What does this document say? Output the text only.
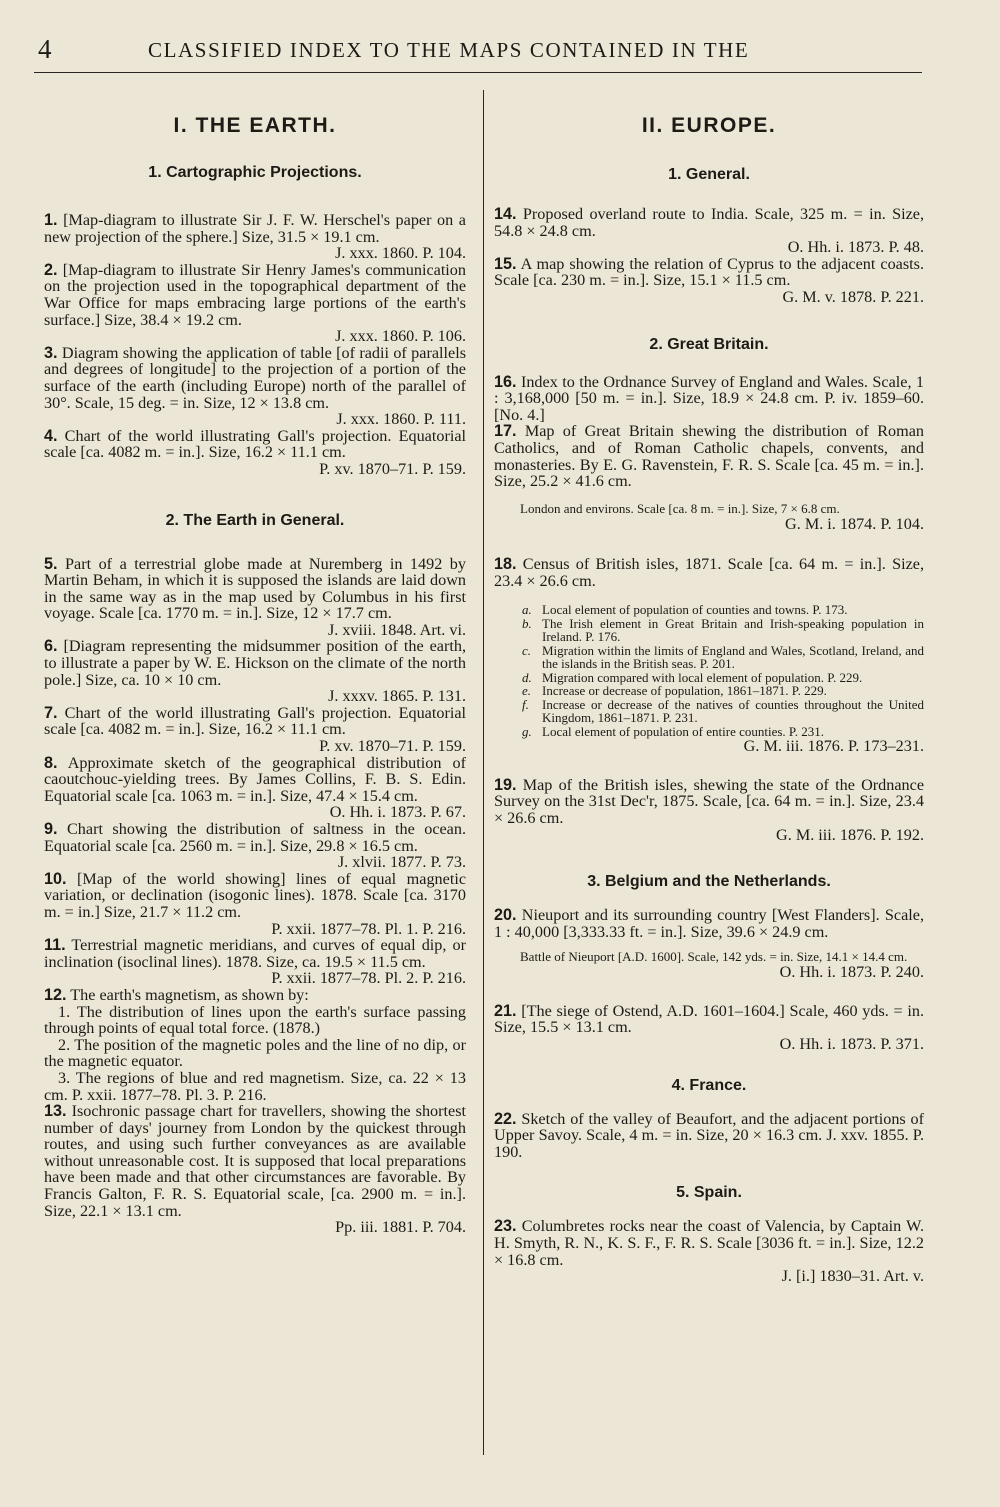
4	CLASSIFIED INDEX TO THE MAPS CONTAINED IN THE
I. THE EARTH.
1. Cartographic Projections.

1. [Map-diagram to illustrate Sir J. F. W. Herschel's paper on a new projection of the sphere.] Size, 31.5 × 19.1 cm.

J. xxx. 1860. P. 104.

2. [Map-diagram to illustrate Sir Henry James's communication on the projection used in the topographical department of the War Office for maps embracing large portions of the earth's surface.] Size, 38.4 × 19.2 cm.

J. xxx. 1860. P. 106.

3. Diagram showing the application of table [of radii of parallels and degrees of longitude] to the projection of a portion of the surface of the earth (including Europe) north of the parallel of 30°. Scale, 15 deg. = in. Size, 12 × 13.8 cm.

J. xxx. 1860. P. 111.

4. Chart of the world illustrating Gall's projection. Equatorial scale [ca. 4082 m. = in.]. Size, 16.2 × 11.1 cm.

P. xv. 1870–71. P. 159.
2. The Earth in General.

5. Part of a terrestrial globe made at Nuremberg in 1492 by Martin Beham, in which it is supposed the islands are laid down in the same way as in the map used by Columbus in his first voyage. Scale [ca. 1770 m. = in.]. Size, 12 × 17.7 cm.

J. xviii. 1848. Art. vi.

6. [Diagram representing the midsummer position of the earth, to illustrate a paper by W. E. Hickson on the climate of the north pole.] Size, ca. 10 × 10 cm.

J. xxxv. 1865. P. 131.

7. Chart of the world illustrating Gall's projection. Equatorial scale [ca. 4082 m. = in.]. Size, 16.2 × 11.1 cm.

P. xv. 1870–71. P. 159.

8. Approximate sketch of the geographical distribution of caoutchouc-yielding trees. By James Collins, F. B. S. Edin. Equatorial scale [ca. 1063 m. = in.]. Size, 47.4 × 15.4 cm.

O. Hh. i. 1873. P. 67.

9. Chart showing the distribution of saltness in the ocean. Equatorial scale [ca. 2560 m. = in.]. Size, 29.8 × 16.5 cm.

J. xlvii. 1877. P. 73.

10. [Map of the world showing] lines of equal magnetic variation, or declination (isogonic lines). 1878. Scale [ca. 3170 m. = in.] Size, 21.7 × 11.2 cm.

P. xxii. 1877–78. Pl. 1. P. 216.

11. Terrestrial magnetic meridians, and curves of equal dip, or inclination (isoclinal lines). 1878. Size, ca. 19.5 × 11.5 cm.

P. xxii. 1877–78. Pl. 2. P. 216.

12. The earth's magnetism, as shown by:

1. The distribution of lines upon the earth's surface passing through points of equal total force. (1878.)

2. The position of the magnetic poles and the line of no dip, or the magnetic equator.

3. The regions of blue and red magnetism. Size, ca. 22 × 13 cm. P. xxii. 1877–78. Pl. 3. P. 216.

13. Isochronic passage chart for travellers, showing the shortest number of days' journey from London by the quickest through routes, and using such further conveyances as are available without unreasonable cost. It is supposed that local preparations have been made and that other circumstances are favorable. By Francis Galton, F. R. S. Equatorial scale, [ca. 2900 m. = in.]. Size, 22.1 × 13.1 cm.

Pp. iii. 1881. P. 704.
II. EUROPE.
1. General.

14. Proposed overland route to India. Scale, 325 m. = in. Size, 54.8 × 24.8 cm.

O. Hh. i. 1873. P. 48.

15. A map showing the relation of Cyprus to the adjacent coasts. Scale [ca. 230 m. = in.]. Size, 15.1 × 11.5 cm.

G. M. v. 1878. P. 221.
2. Great Britain.

16. Index to the Ordnance Survey of England and Wales. Scale, 1 : 3,168,000 [50 m. = in.]. Size, 18.9 × 24.8 cm. P. iv. 1859–60. [No. 4.]

17. Map of Great Britain shewing the distribution of Roman Catholics, and of Roman Catholic chapels, convents, and monasteries. By E. G. Ravenstein, F. R. S. Scale [ca. 45 m. = in.]. Size, 25.2 × 41.6 cm.

London and environs. Scale [ca. 8 m. = in.]. Size, 7 × 6.8 cm.

G. M. i. 1874. P. 104.

18. Census of British isles, 1871. Scale [ca. 64 m. = in.]. Size, 23.4 × 26.6 cm.

a. Local element of population of counties and towns. P. 173.
b. The Irish element in Great Britain and Irish-speaking population in Ireland. P. 176.
c. Migration within the limits of England and Wales, Scotland, Ireland, and the islands in the British seas. P. 201.
d. Migration compared with local element of population. P. 229.
e. Increase or decrease of population, 1861–1871. P. 229.
f. Increase or decrease of the natives of counties throughout the United Kingdom, 1861–1871. P. 231.
g. Local element of population of entire counties. P. 231.
G. M. iii. 1876. P. 173–231.

19. Map of the British isles, shewing the state of the Ordnance Survey on the 31st Dec'r, 1875. Scale, [ca. 64 m. = in.]. Size, 23.4 × 26.6 cm.

G. M. iii. 1876. P. 192.
3. Belgium and the Netherlands.

20. Nieuport and its surrounding country [West Flanders]. Scale, 1 : 40,000 [3,333.33 ft. = in.]. Size, 39.6 × 24.9 cm.

Battle of Nieuport [A.D. 1600]. Scale, 142 yds. = in. Size, 14.1 × 14.4 cm.

O. Hh. i. 1873. P. 240.

21. [The siege of Ostend, A.D. 1601–1604.] Scale, 460 yds. = in. Size, 15.5 × 13.1 cm.

O. Hh. i. 1873. P. 371.
4. France.

22. Sketch of the valley of Beaufort, and the adjacent portions of Upper Savoy. Scale, 4 m. = in. Size, 20 × 16.3 cm. J. xxv. 1855. P. 190.

5. Spain.

23. Columbretes rocks near the coast of Valencia, by Captain W. H. Smyth, R. N., K. S. F., F. R. S. Scale [3036 ft. = in.]. Size, 12.2 × 16.8 cm.

J. [i.] 1830–31. Art. v.
